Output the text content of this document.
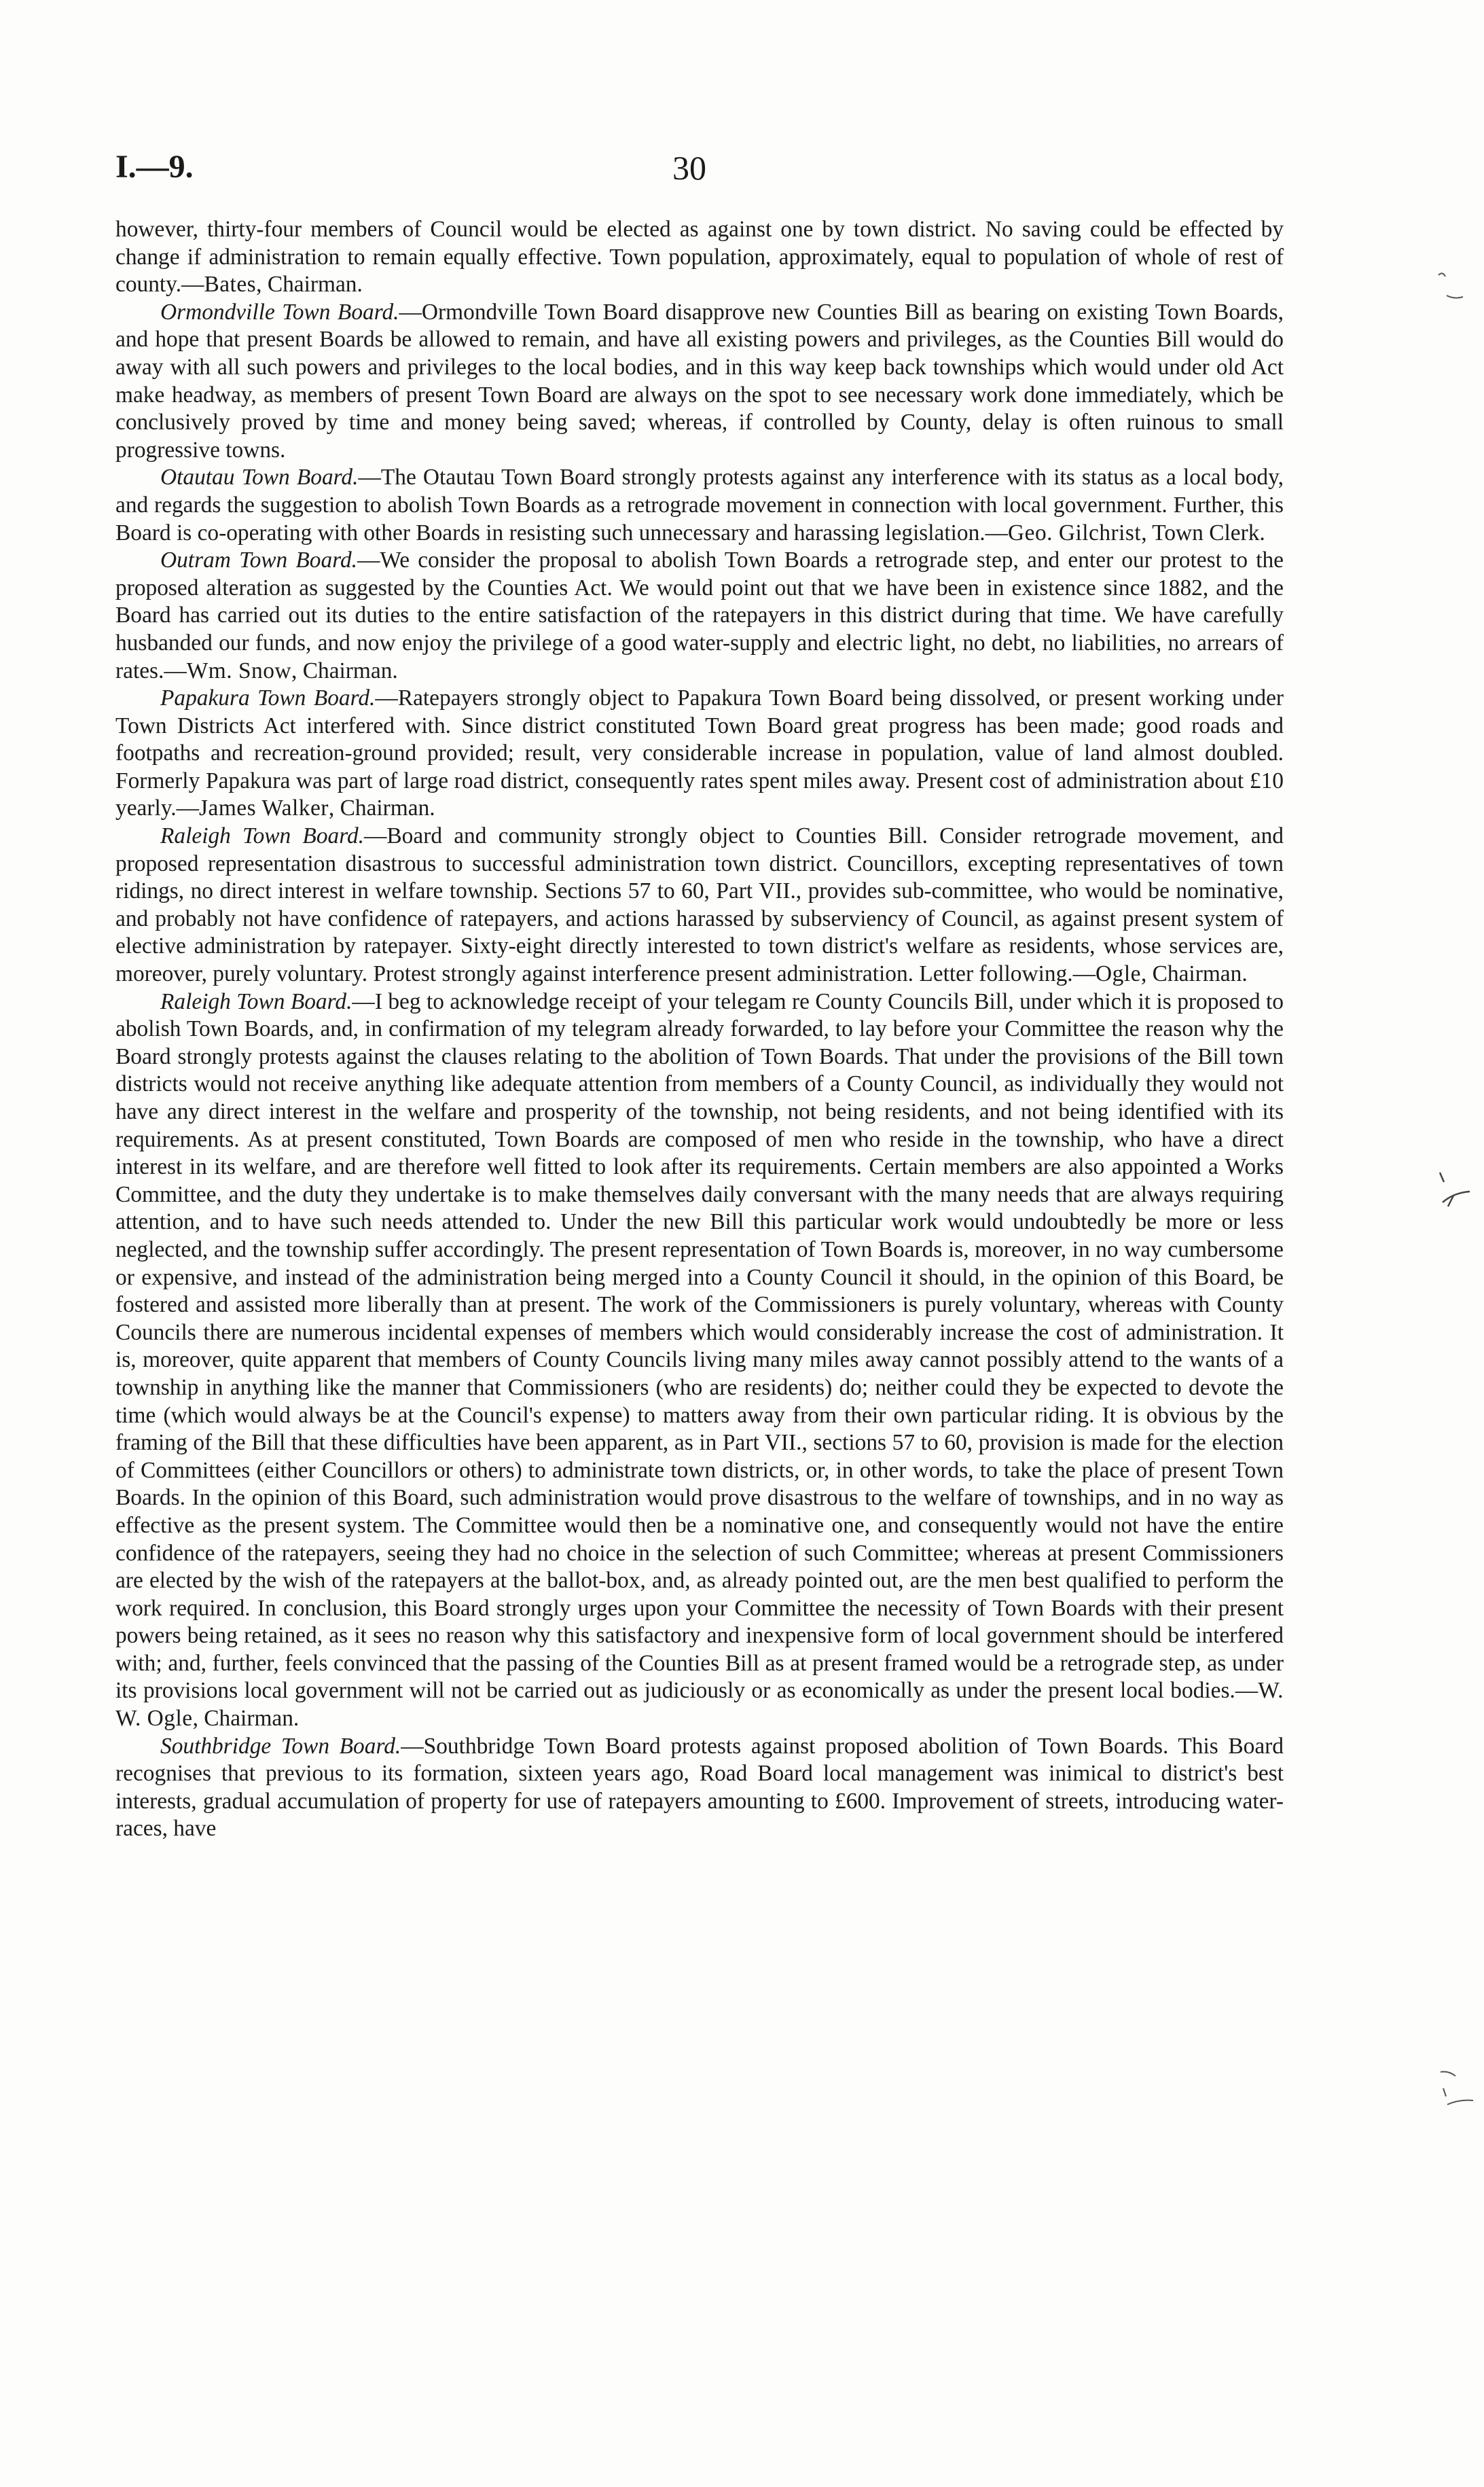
I.—9.	30

however, thirty-four members of Council would be elected as against one by town district. No saving could be effected by change if administration to remain equally effective. Town population, approximately, equal to population of whole of rest of county.—Bates, Chairman.

Ormondville Town Board.—Ormondville Town Board disapprove new Counties Bill as bearing on existing Town Boards, and hope that present Boards be allowed to remain, and have all existing powers and privileges, as the Counties Bill would do away with all such powers and privileges to the local bodies, and in this way keep back townships which would under old Act make headway, as members of present Town Board are always on the spot to see necessary work done immediately, which be conclusively proved by time and money being saved; whereas, if controlled by County, delay is often ruinous to small progressive towns.

Otautau Town Board.—The Otautau Town Board strongly protests against any interference with its status as a local body, and regards the suggestion to abolish Town Boards as a retrograde movement in connection with local government. Further, this Board is co-operating with other Boards in resisting such unnecessary and harassing legislation.—Geo. Gilchrist, Town Clerk.

Outram Town Board.—We consider the proposal to abolish Town Boards a retrograde step, and enter our protest to the proposed alteration as suggested by the Counties Act. We would point out that we have been in existence since 1882, and the Board has carried out its duties to the entire satisfaction of the ratepayers in this district during that time. We have carefully husbanded our funds, and now enjoy the privilege of a good water-supply and electric light, no debt, no liabilities, no arrears of rates.—Wm. Snow, Chairman.

Papakura Town Board.—Ratepayers strongly object to Papakura Town Board being dissolved, or present working under Town Districts Act interfered with. Since district constituted Town Board great progress has been made; good roads and footpaths and recreation-ground provided; result, very considerable increase in population, value of land almost doubled. Formerly Papakura was part of large road district, consequently rates spent miles away. Present cost of administration about £10 yearly.—James Walker, Chairman.

Raleigh Town Board.—Board and community strongly object to Counties Bill. Consider retrograde movement, and proposed representation disastrous to successful administration town district. Councillors, excepting representatives of town ridings, no direct interest in welfare township. Sections 57 to 60, Part VII., provides sub-committee, who would be nominative, and probably not have confidence of ratepayers, and actions harassed by subserviency of Council, as against present system of elective administration by ratepayer. Sixty-eight directly interested to town district's welfare as residents, whose services are, moreover, purely voluntary. Protest strongly against interference present administration. Letter following.—Ogle, Chairman.

Raleigh Town Board.—I beg to acknowledge receipt of your telegam re County Councils Bill, under which it is proposed to abolish Town Boards, and, in confirmation of my telegram already forwarded, to lay before your Committee the reason why the Board strongly protests against the clauses relating to the abolition of Town Boards. That under the provisions of the Bill town districts would not receive anything like adequate attention from members of a County Council, as individually they would not have any direct interest in the welfare and prosperity of the township, not being residents, and not being identified with its requirements. As at present constituted, Town Boards are composed of men who reside in the township, who have a direct interest in its welfare, and are therefore well fitted to look after its requirements. Certain members are also appointed a Works Committee, and the duty they undertake is to make themselves daily conversant with the many needs that are always requiring attention, and to have such needs attended to. Under the new Bill this particular work would undoubtedly be more or less neglected, and the township suffer accordingly. The present representation of Town Boards is, moreover, in no way cumbersome or expensive, and instead of the administration being merged into a County Council it should, in the opinion of this Board, be fostered and assisted more liberally than at present. The work of the Commissioners is purely voluntary, whereas with County Councils there are numerous incidental expenses of members which would considerably increase the cost of administration. It is, moreover, quite apparent that members of County Councils living many miles away cannot possibly attend to the wants of a township in anything like the manner that Commissioners (who are residents) do; neither could they be expected to devote the time (which would always be at the Council's expense) to matters away from their own particular riding. It is obvious by the framing of the Bill that these difficulties have been apparent, as in Part VII., sections 57 to 60, provision is made for the election of Committees (either Councillors or others) to administrate town districts, or, in other words, to take the place of present Town Boards. In the opinion of this Board, such administration would prove disastrous to the welfare of townships, and in no way as effective as the present system. The Committee would then be a nominative one, and consequently would not have the entire confidence of the ratepayers, seeing they had no choice in the selection of such Committee; whereas at present Commissioners are elected by the wish of the ratepayers at the ballot-box, and, as already pointed out, are the men best qualified to perform the work required. In conclusion, this Board strongly urges upon your Committee the necessity of Town Boards with their present powers being retained, as it sees no reason why this satisfactory and inexpensive form of local government should be interfered with; and, further, feels convinced that the passing of the Counties Bill as at present framed would be a retrograde step, as under its provisions local government will not be carried out as judiciously or as economically as under the present local bodies.—W. W. Ogle, Chairman.

Southbridge Town Board.—Southbridge Town Board protests against proposed abolition of Town Boards. This Board recognises that previous to its formation, sixteen years ago, Road Board local management was inimical to district's best interests, gradual accumulation of property for use of ratepayers amounting to £600. Improvement of streets, introducing water-races, have
